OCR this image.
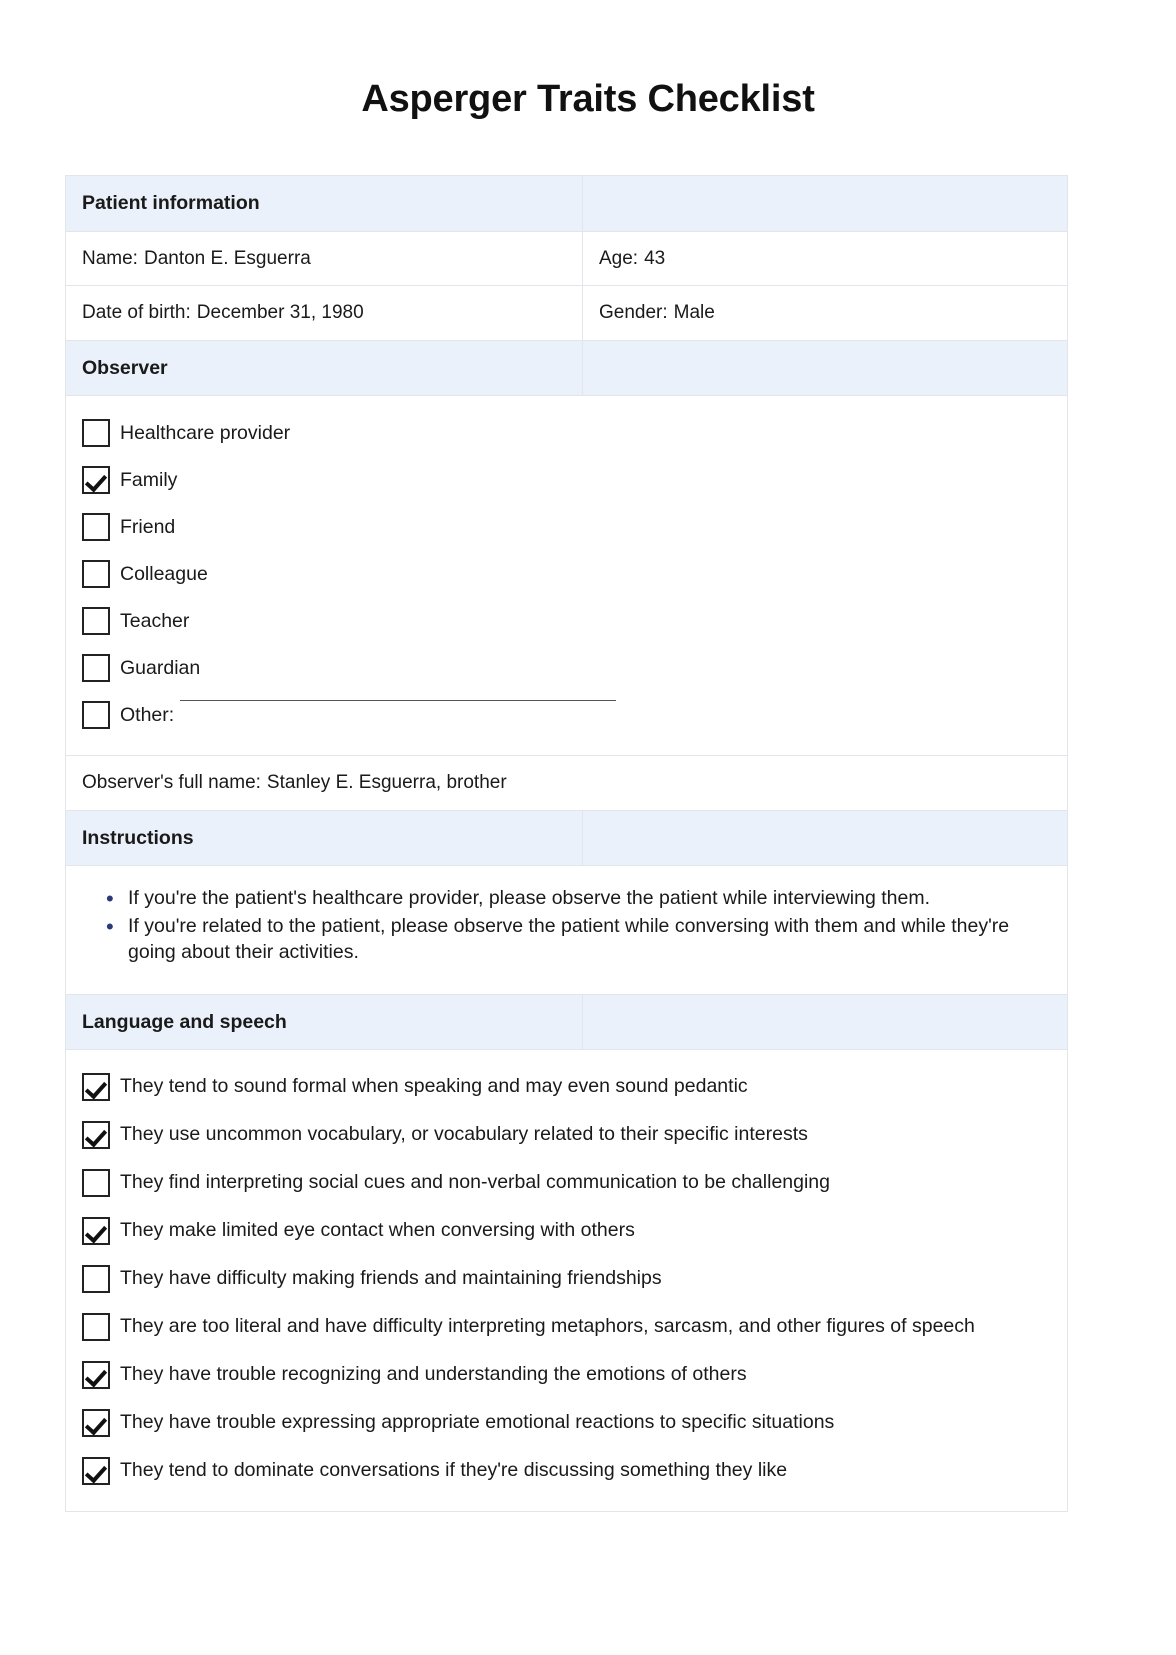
Asperger Traits Checklist
Patient information

Name: Danton E. Esguerra	Age: 43
Date of birth: December 31, 1980	Gender: Male
Observer

Healthcare provider
Family
Friend
Colleague
Teacher
Guardian
Other:
Observer's full name: Stanley E. Esguerra, brother
Instructions

• If you're the patient's healthcare provider, please observe the patient while interviewing them.
• If you're related to the patient, please observe the patient while conversing with them and while they're going about their activities.
Language and speech

They tend to sound formal when speaking and may even sound pedantic
They use uncommon vocabulary, or vocabulary related to their specific interests
They find interpreting social cues and non-verbal communication to be challenging
They make limited eye contact when conversing with others
They have difficulty making friends and maintaining friendships
They are too literal and have difficulty interpreting metaphors, sarcasm, and other figures of speech
They have trouble recognizing and understanding the emotions of others
They have trouble expressing appropriate emotional reactions to specific situations
They tend to dominate conversations if they're discussing something they like
